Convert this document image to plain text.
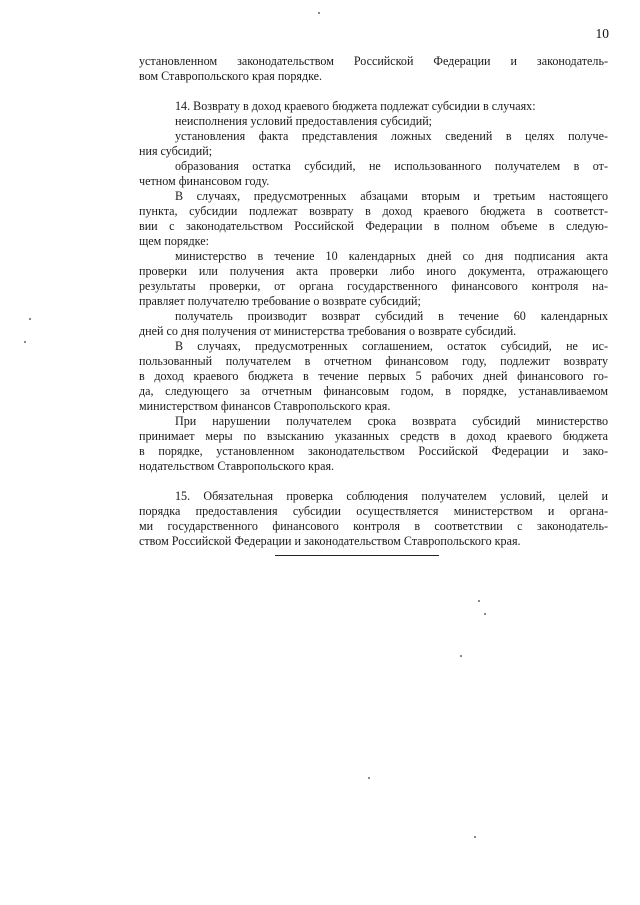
10

установленном законодательством Российской Федерации и законодатель-

вом Ставропольского края порядке.

14. Возврату в доход краевого бюджета подлежат субсидии в случаях:

неисполнения условий предоставления субсидий;

установления факта представления ложных сведений в целях получе-

ния субсидий;

образования остатка субсидий, не использованного получателем в от-

четном финансовом году.

В случаях, предусмотренных абзацами вторым и третьим настоящего

пункта, субсидии подлежат возврату в доход краевого бюджета в соответст-

вии с законодательством Российской Федерации в полном объеме в следую-

щем порядке:

министерство в течение 10 календарных дней со дня подписания акта

проверки или получения акта проверки либо иного документа, отражающего

результаты проверки, от органа государственного финансового контроля на-

правляет получателю требование о возврате субсидий;

получатель производит возврат субсидий в течение 60 календарных

дней со дня получения от министерства требования о возврате субсидий.

В случаях, предусмотренных соглашением, остаток субсидий, не ис-

пользованный получателем в отчетном финансовом году, подлежит возврату

в доход краевого бюджета в течение первых 5 рабочих дней финансового го-

да, следующего за отчетным финансовым годом, в порядке, устанавливаемом

министерством финансов Ставропольского края.

При нарушении получателем срока возврата субсидий министерство

принимает меры по взысканию указанных средств в доход краевого бюджета

в порядке, установленном законодательством Российской Федерации и зако-

нодательством Ставропольского края.

15. Обязательная проверка соблюдения получателем условий, целей и

порядка предоставления субсидии осуществляется министерством и органа-

ми государственного финансового контроля в соответствии с законодатель-

ством Российской Федерации и законодательством Ставропольского края.
